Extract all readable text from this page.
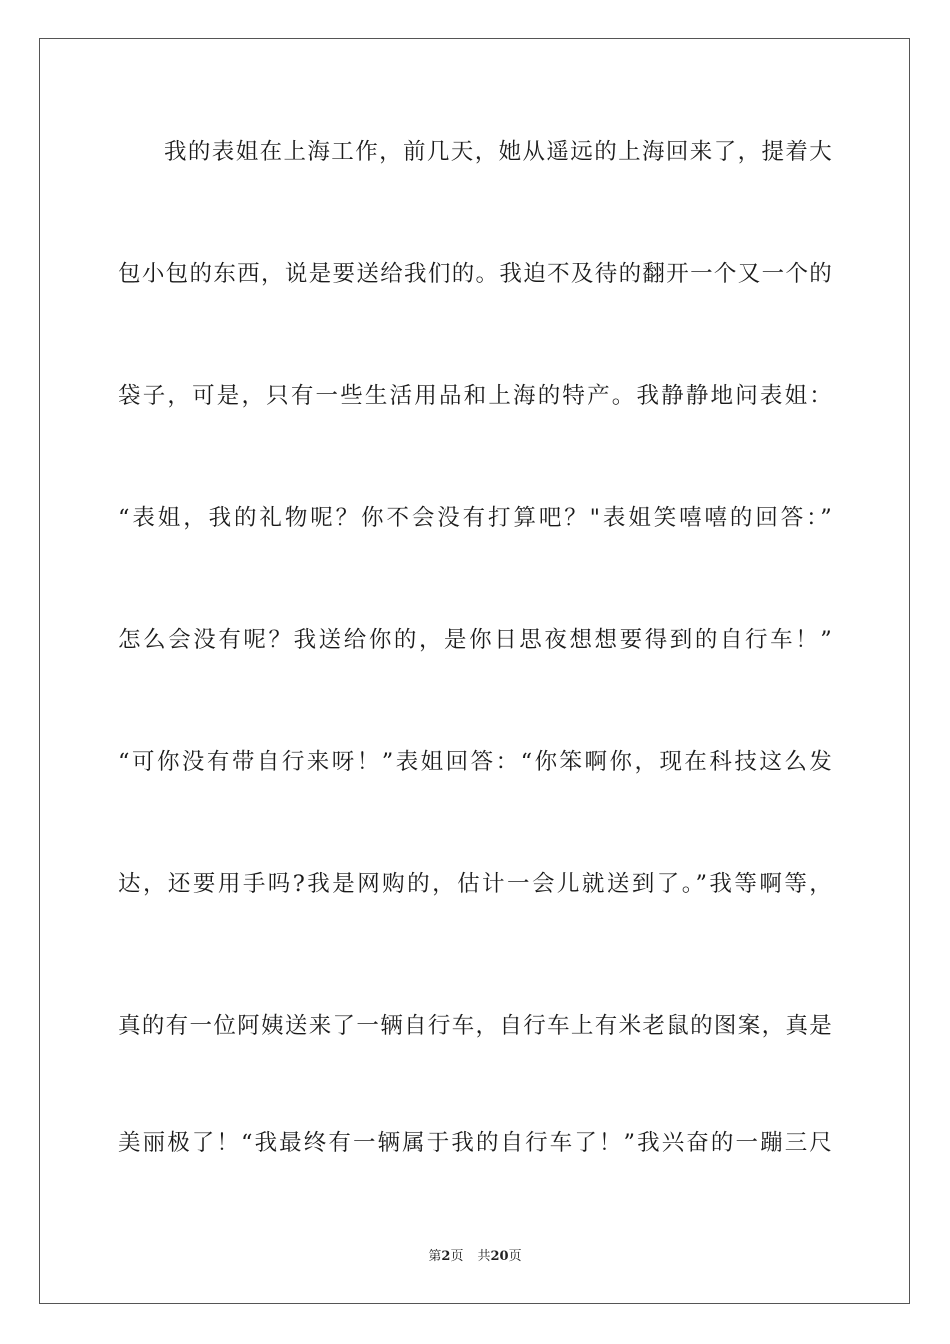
我的表姐在上海工作，前几天，她从遥远的上海回来了，提着大
包小包的东西，说是要送给我们的。我迫不及待的翻开一个又一个的
袋子，可是，只有一些生活用品和上海的特产。我静静地问表姐：
“表姐，我的礼物呢？你不会没有打算吧？"表姐笑嘻嘻的回答：”
怎么会没有呢？我送给你的，是你日思夜想想要得到的自行车！”
“可你没有带自行来呀！”表姐回答：“你笨啊你，现在科技这么发
达，还要用手吗?我是网购的，估计一会儿就送到了。”我等啊等，
真的有一位阿姨送来了一辆自行车，自行车上有米老鼠的图案，真是
美丽极了！“我最终有一辆属于我的自行车了！”我兴奋的一蹦三尺
第2页 共20页
